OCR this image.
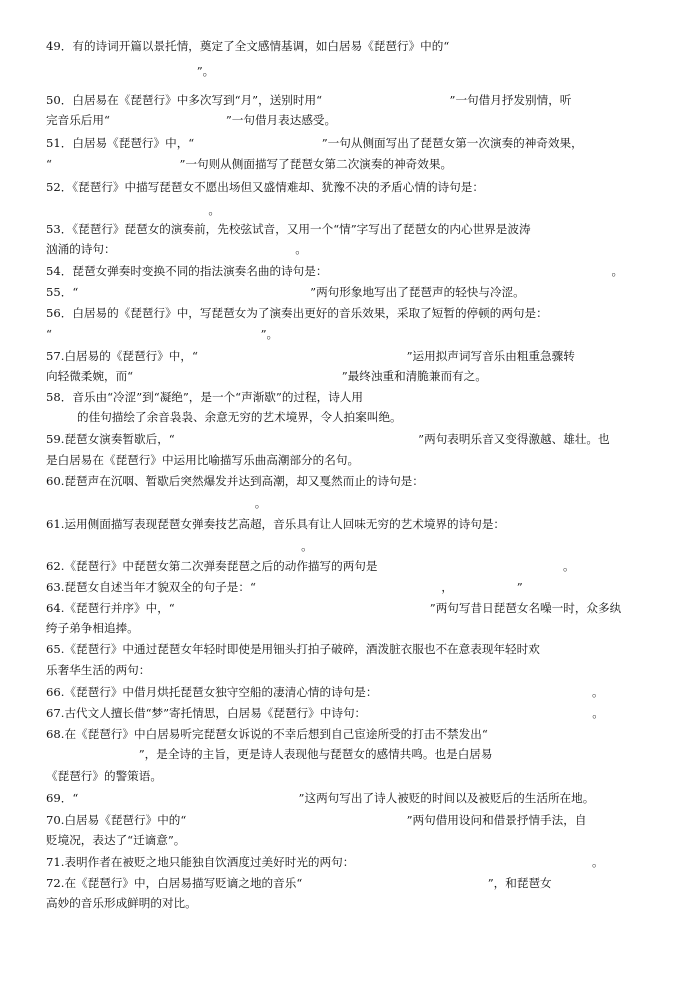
49．有的诗词开篇以景托情，奠定了全文感情基调，如白居易《琵琶行》中的“
　　　　　　　　　　　　　”。
50．白居易在《琵琶行》中多次写到“月”，送别时用“　　　　　　　　　　　”一句借月抒发别情，听
完音乐后用“　　　　　　　　　　”一句借月表达感受。
51．白居易《琵琶行》中，“　　　　　　　　　　　”一句从侧面写出了琵琶女第一次演奏的神奇效果，
“　　　　　　　　　　　”一句则从侧面描写了琵琶女第二次演奏的神奇效果。
52．《琵琶行》中描写琵琶女不愿出场但又盛情难却、犹豫不决的矛盾心情的诗句是：
　　　　　　　　　　　　　　。
53．《琵琶行》琵琶女的演奏前，先校弦试音，又用一个“情”字写出了琵琶女的内心世界是波涛
汹涌的诗句：　　　　　　　　　　　　　　　　。
54．琵琶女弹奏时变换不同的指法演奏名曲的诗句是：　　　　　　　　　　　　　　　　　　　　　　　　　。
55．“　　　　　　　　　　　　　　　　　　　　”两句形象地写出了琵琶声的轻快与冷涩。
56．白居易的《琵琶行》中，写琵琶女为了演奏出更好的音乐效果，采取了短暂的停顿的两句是：
“　　　　　　　　　　　　　　　　　　”。
57.白居易的《琵琶行》中，“　　　　　　　　　　　　　　　　　　”运用拟声词写音乐由粗重急骤转
向轻微柔婉，而“　　　　　　　　　　　　　　　　　　”最终浊重和清脆兼而有之。
58．音乐由“冷涩”到“凝绝”，是一个“声渐歇”的过程，诗人用
的佳句描绘了余音袅袅、余意无穷的艺术境界，令人拍案叫绝。
59.琵琶女演奏暂歇后，“　　　　　　　　　　　　　　　　　　　　　”两句表明乐音又变得激越、雄壮。也
是白居易在《琵琶行》中运用比喻描写乐曲高潮部分的名句。
60.琵琶声在沉咽、暂歇后突然爆发并达到高潮，却又戛然而止的诗句是：
　　　　　　　　　　　　　　　　　　。
61.运用侧面描写表现琵琶女弹奏技艺高超，音乐具有让人回味无穷的艺术境界的诗句是：
　　　　　　　　　　　　　　　　　　　　　　。
62.《琵琶行》中琵琶女第二次弹奏琵琶之后的动作描写的两句是　　　　　　　　　　　　　　　　。
63.琵琶女自述当年才貌双全的句子是：“　　　　　　　　　　　　　　　　，　　　　　　”
64.《琵琶行并序》中，“　　　　　　　　　　　　　　　　　　　　　　”两句写昔日琵琶女名噪一时，众多纨
绔子弟争相追捧。
65.《琵琶行》中通过琵琶女年轻时即使是用钿头打拍子破碎，酒泼脏衣服也不在意表现年轻时欢
乐奢华生活的两句：
66.《琵琶行》中借月烘托琵琶女独守空船的凄清心情的诗句是：　　　　　　　　　　　　　　　　　　　。
67.古代文人擅长借“梦”寄托情思，白居易《琵琶行》中诗句：　　　　　　　　　　　　　　　　　　　　。
68.在《琵琶行》中白居易听完琵琶女诉说的不幸后想到自己宦途所受的打击不禁发出“
　　　　　　　　”，是全诗的主旨，更是诗人表现他与琵琶女的感情共鸣。也是白居易
《琵琶行》的警策语。
69．“　　　　　　　　　　　　　　　　　　　”这两句写出了诗人被贬的时间以及被贬后的生活所在地。
70.白居易《琵琶行》中的“　　　　　　　　　　　　　　　　　　　”两句借用设问和借景抒情手法，自
贬境况，表达了“迁谪意”。
71.表明作者在被贬之地只能独自饮酒度过美好时光的两句：　　　　　　　　　　　　　　　　　　　　　。
72.在《琵琶行》中，白居易描写贬谪之地的音乐“　　　　　　　　　　　　　　　　”，和琵琶女
高妙的音乐形成鲜明的对比。
